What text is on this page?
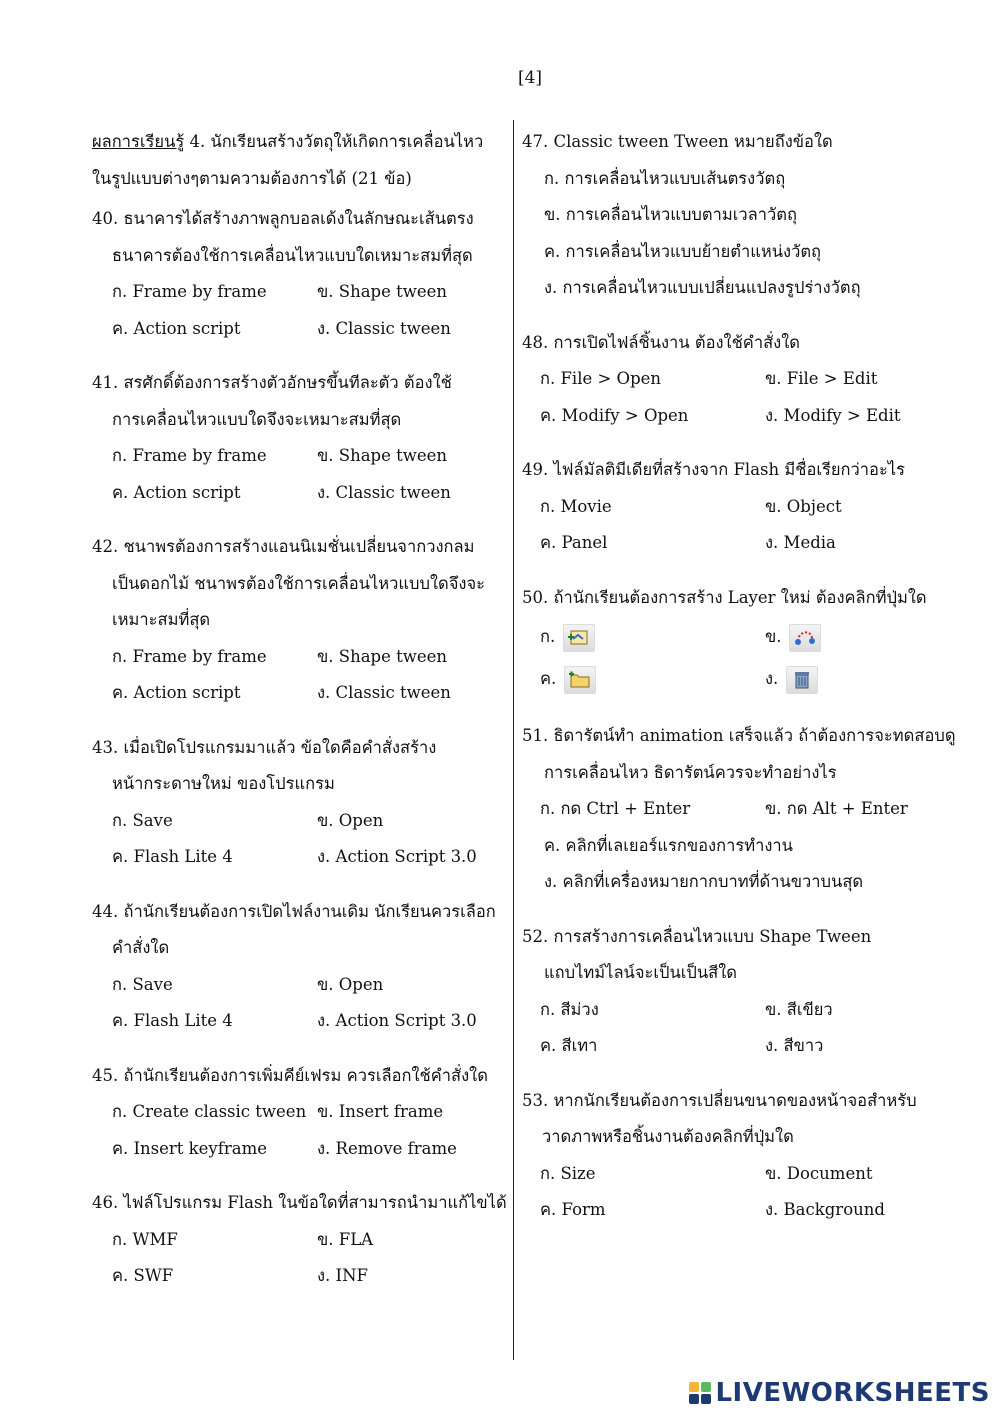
[4]
ผลการเรียนรู้ 4. นักเรียนสร้างวัตถุให้เกิดการเคลื่อนไหว
ในรูปแบบต่างๆตามความต้องการได้ (21 ข้อ)
40. ธนาคารได้สร้างภาพลูกบอลเด้งในลักษณะเส้นตรง
ธนาคารต้องใช้การเคลื่อนไหวแบบใดเหมาะสมที่สุด
ก. Frame by frame	ข. Shape tween
ค. Action script	ง. Classic tween
41. สรศักดิ์ต้องการสร้างตัวอักษรขึ้นทีละตัว ต้องใช้
การเคลื่อนไหวแบบใดจึงจะเหมาะสมที่สุด
ก. Frame by frame	ข. Shape tween
ค. Action script	ง. Classic tween
42. ชนาพรต้องการสร้างแอนนิเมชั่นเปลี่ยนจากวงกลม
เป็นดอกไม้ ชนาพรต้องใช้การเคลื่อนไหวแบบใดจึงจะ
เหมาะสมที่สุด
ก. Frame by frame	ข. Shape tween
ค. Action script	ง. Classic tween
43. เมื่อเปิดโปรแกรมมาแล้ว ข้อใดคือคำสั่งสร้าง
หน้ากระดาษใหม่ ของโปรแกรม
ก. Save	ข. Open
ค. Flash Lite 4	ง. Action Script 3.0
44. ถ้านักเรียนต้องการเปิดไฟล์งานเดิม นักเรียนควรเลือก
คำสั่งใด
ก. Save	ข. Open
ค. Flash Lite 4	ง. Action Script 3.0
45. ถ้านักเรียนต้องการเพิ่มคีย์เฟรม ควรเลือกใช้คำสั่งใด
ก. Create classic tween ข. Insert frame
ค. Insert keyframe	ง. Remove frame
46. ไฟล์โปรแกรม Flash ในข้อใดที่สามารถนำมาแก้ไขได้
ก. WMF	ข. FLA
ค. SWF	ง. INF
47. Classic tween Tween หมายถึงข้อใด
ก. การเคลื่อนไหวแบบเส้นตรงวัตถุ
ข. การเคลื่อนไหวแบบตามเวลาวัตถุ
ค. การเคลื่อนไหวแบบย้ายตำแหน่งวัตถุ
ง. การเคลื่อนไหวแบบเปลี่ยนแปลงรูปร่างวัตถุ
48. การเปิดไฟล์ชิ้นงาน ต้องใช้คำสั่งใด
ก. File > Open	ข. File > Edit
ค. Modify > Open	ง. Modify > Edit
49. ไฟล์มัลติมีเดียที่สร้างจาก Flash มีชื่อเรียกว่าอะไร
ก. Movie	ข. Object
ค. Panel	ง. Media
50. ถ้านักเรียนต้องการสร้าง Layer ใหม่ ต้องคลิกที่ปุ่มใด
ก.	ข.
ค.	ง.
51. ธิดารัตน์ทำ animation เสร็จแล้ว ถ้าต้องการจะทดสอบดู
การเคลื่อนไหว ธิดารัตน์ควรจะทำอย่างไร
ก. กด Ctrl + Enter	ข. กด Alt + Enter
ค. คลิกที่เลเยอร์แรกของการทำงาน
ง. คลิกที่เครื่องหมายกากบาทที่ด้านขวาบนสุด
52. การสร้างการเคลื่อนไหวแบบ Shape Tween
แถบไทม์ไลน์จะเป็นเป็นสีใด
ก. สีม่วง	ข. สีเขียว
ค. สีเทา	ง. สีขาว
53. หากนักเรียนต้องการเปลี่ยนขนาดของหน้าจอสำหรับ
วาดภาพหรือชิ้นงานต้องคลิกที่ปุ่มใด
ก. Size	ข. Document
ค. Form	ง. Background
LIVEWORKSHEETS
